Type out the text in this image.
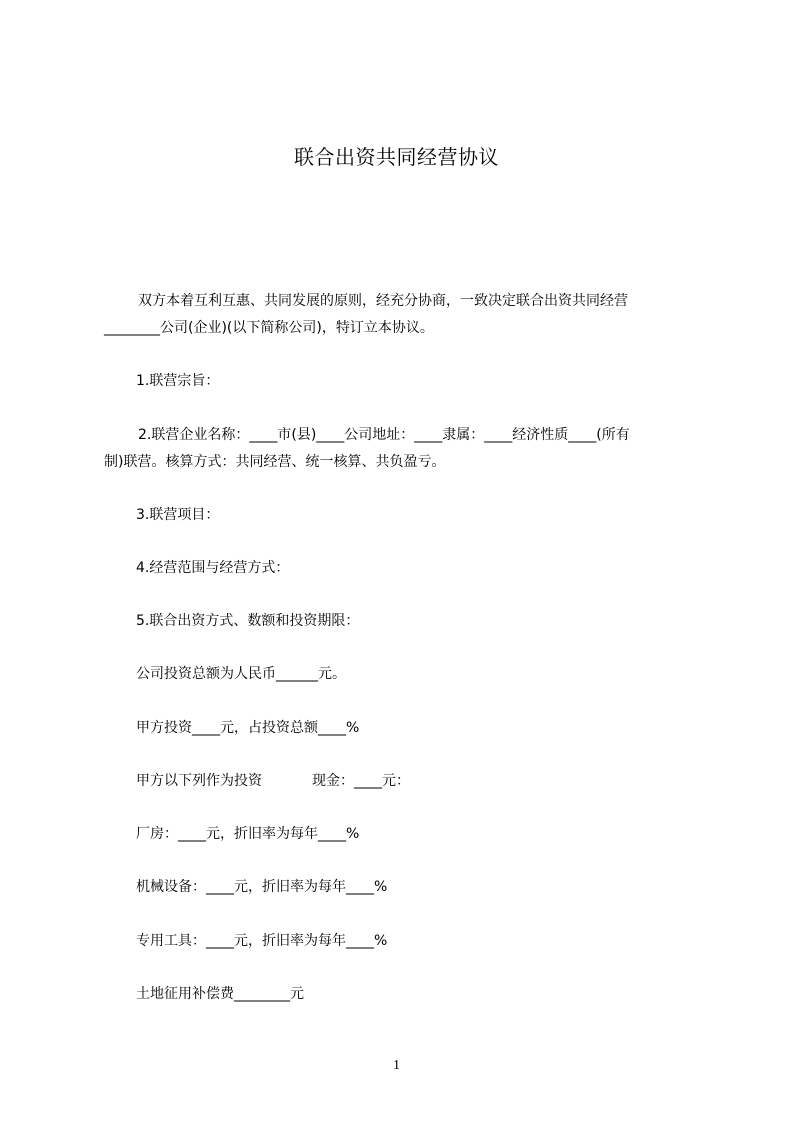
联合出资共同经营协议
双方本着互利互惠、共同发展的原则，经充分协商，一致决定联合出资共同经营
________公司(企业)(以下简称公司)，特订立本协议。
1.联营宗旨：
2.联营企业名称：____市(县)____公司地址：____隶属：____经济性质____(所有
制)联营。核算方式：共同经营、统一核算、共负盈亏。
3.联营项目：
4.经营范围与经营方式：
5.联合出资方式、数额和投资期限：
公司投资总额为人民币______元。
甲方投资____元，占投资总额____%
甲方以下列作为投资	现金：____元：
厂房：____元，折旧率为每年____%
机械设备：____元，折旧率为每年____%
专用工具：____元，折旧率为每年____%
土地征用补偿费________元
1
